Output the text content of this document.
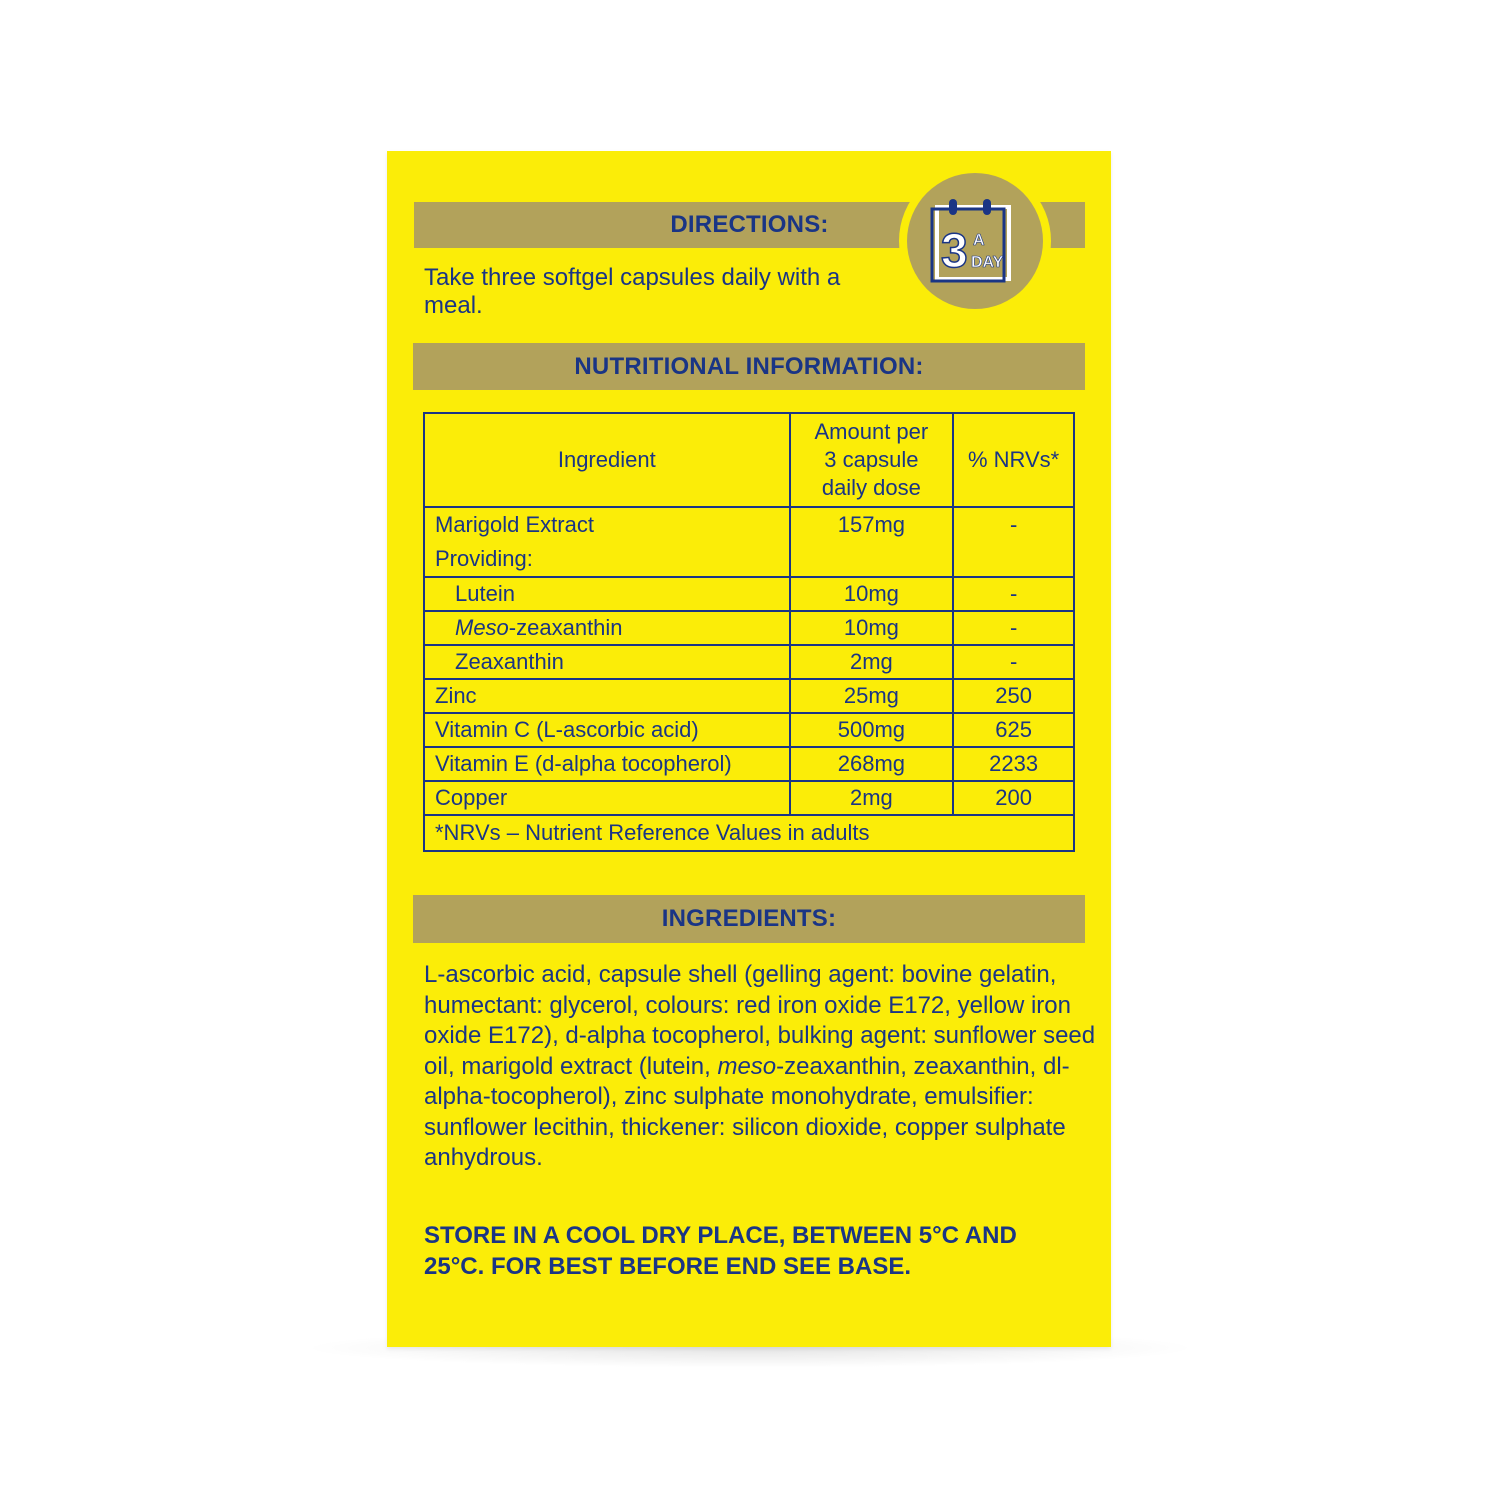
DIRECTIONS:
3 A
DAY
Take three softgel capsules daily with a meal.
NUTRITIONAL INFORMATION:
Ingredient	Amount per 3 capsule daily dose	% NRVs*

Marigold Extract
Providing:	157mg	-
Lutein	10mg	-
Meso-zeaxanthin	10mg	-
Zeaxanthin	2mg	-
Zinc	25mg	250
Vitamin C (L-ascorbic acid)	500mg	625
Vitamin E (d-alpha tocopherol)	268mg	2233
Copper	2mg	200
*NRVs – Nutrient Reference Values in adults		
INGREDIENTS:
L-ascorbic acid, capsule shell (gelling agent: bovine gelatin, humectant: glycerol, colours: red iron oxide E172, yellow iron oxide E172), d-alpha tocopherol, bulking agent: sunflower seed oil, marigold extract (lutein, meso-zeaxanthin, zeaxanthin, dl-alpha-tocopherol), zinc sulphate monohydrate, emulsifier: sunflower lecithin, thickener: silicon dioxide, copper sulphate anhydrous.
STORE IN A COOL DRY PLACE, BETWEEN 5°C AND 25°C. FOR BEST BEFORE END SEE BASE.
